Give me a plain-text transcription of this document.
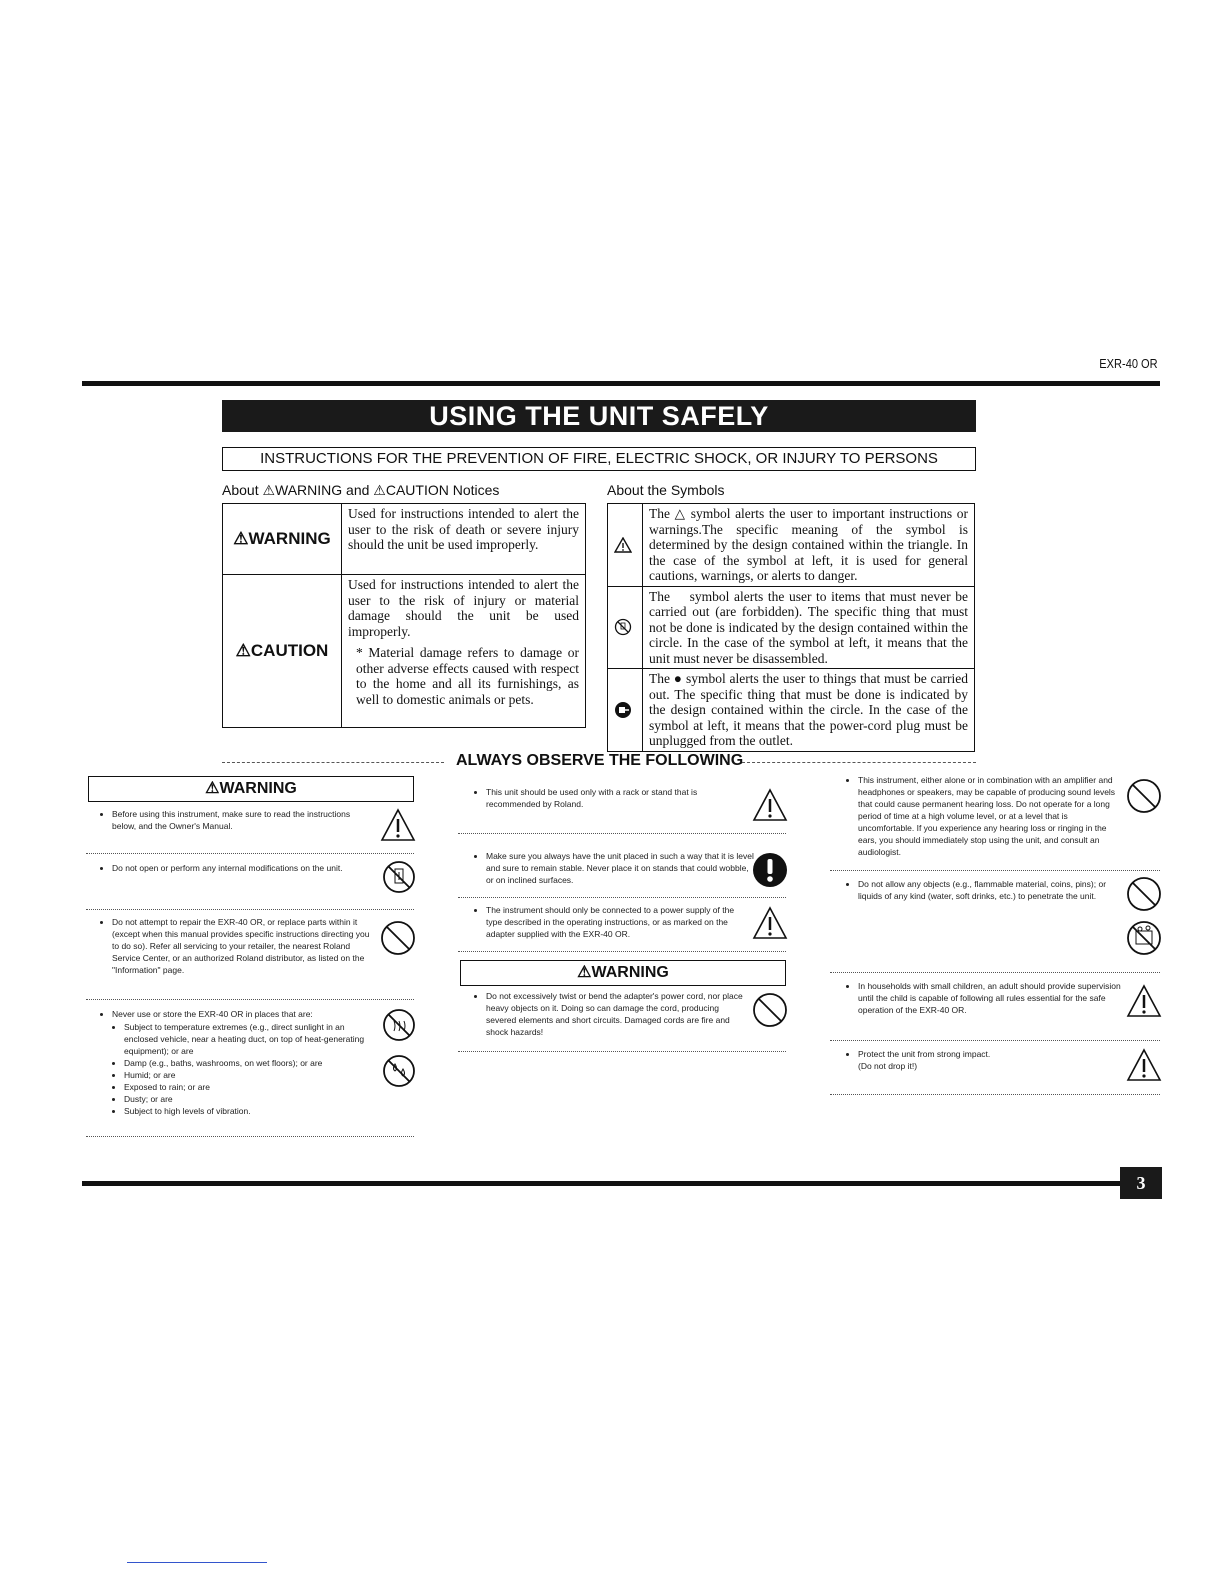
EXR-40 OR
USING THE UNIT SAFELY
INSTRUCTIONS FOR THE PREVENTION OF FIRE, ELECTRIC SHOCK, OR INJURY TO PERSONS
About ⚠WARNING and ⚠CAUTION Notices
⚠WARNING	Used for instructions intended to alert the user to the risk of death or severe injury should the unit be used improperly.
⚠CAUTION	Used for instructions intended to alert the user to the risk of injury or material damage should the unit be used improperly.
* Material damage refers to damage or other adverse effects caused with respect to the home and all its furnishings, as well to domestic animals or pets.
About the Symbols
	The △ symbol alerts the user to important instructions or warnings.The specific meaning of the symbol is determined by the design contained within the triangle. In the case of the symbol at left, it is used for general cautions, warnings, or alerts to danger.

	The ⃠ symbol alerts the user to items that must never be carried out (are forbidden). The specific thing that must not be done is indicated by the design contained within the circle. In the case of the symbol at left, it means that the unit must never be disassembled.

	The ● symbol alerts the user to things that must be carried out. The specific thing that must be done is indicated by the design contained within the circle. In the case of the symbol at left, it means that the power-cord plug must be unplugged from the outlet.
ALWAYS OBSERVE THE FOLLOWING
⚠WARNING
• Before using this instrument, make sure to read the instructions below, and the Owner's Manual.
• Do not open or perform any internal modifications on the unit.
• Do not attempt to repair the EXR-40 OR, or replace parts within it (except when this manual provides specific instructions directing you to do so). Refer all servicing to your retailer, the nearest Roland Service Center, or an authorized Roland distributor, as listed on the "Information" page.
• Never use or store the EXR-40 OR in places that are:
• Subject to temperature extremes (e.g., direct sunlight in an enclosed vehicle, near a heating duct, on top of heat-generating equipment); or are
• Damp (e.g., baths, washrooms, on wet floors); or are
• Humid; or are
• Exposed to rain; or are
• Dusty; or are
• Subject to high levels of vibration.
• This unit should be used only with a rack or stand that is recommended by Roland.
• Make sure you always have the unit placed in such a way that it is level and sure to remain stable. Never place it on stands that could wobble, or on inclined surfaces.
• The instrument should only be connected to a power supply of the type described in the operating instructions, or as marked on the adapter supplied with the EXR-40 OR.
⚠WARNING
• Do not excessively twist or bend the adapter's power cord, nor place heavy objects on it. Doing so can damage the cord, producing severed elements and short circuits. Damaged cords are fire and shock hazards!
• This instrument, either alone or in combination with an amplifier and headphones or speakers, may be capable of producing sound levels that could cause permanent hearing loss. Do not operate for a long period of time at a high volume level, or at a level that is uncomfortable. If you experience any hearing loss or ringing in the ears, you should immediately stop using the unit, and consult an audiologist.
• Do not allow any objects (e.g., flammable material, coins, pins); or liquids of any kind (water, soft drinks, etc.) to penetrate the unit.
• In households with small children, an adult should provide supervision until the child is capable of following all rules essential for the safe operation of the EXR-40 OR.
• Protect the unit from strong impact.
(Do not drop it!)
3
